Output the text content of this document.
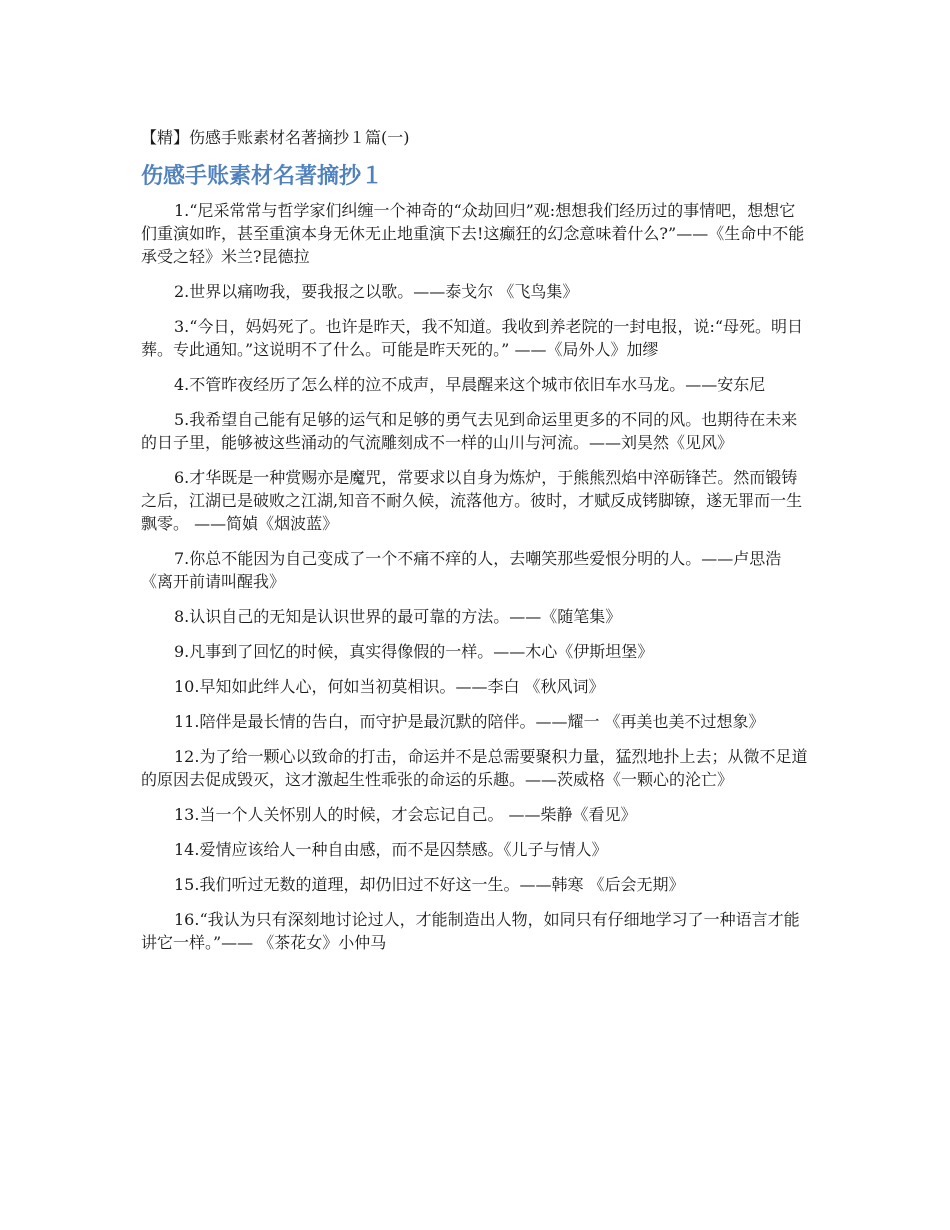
【精】伤感手账素材名著摘抄１篇(一)
伤感手账素材名著摘抄１

1.“尼采常常与哲学家们纠缠一个神奇的“众劫回归”观:想想我们经历过的事情吧，想想它们重演如昨，甚至重演本身无休无止地重演下去!这癫狂的幻念意味着什么?”——《生命中不能承受之轻》米兰?昆德拉

2.世界以痛吻我，要我报之以歌。——泰戈尔 《飞鸟集》

3.“今日，妈妈死了。也许是昨天，我不知道。我收到养老院的一封电报，说:“母死。明日葬。专此通知。”这说明不了什么。可能是昨天死的。” ——《局外人》加缪

4.不管昨夜经历了怎么样的泣不成声，早晨醒来这个城市依旧车水马龙。——安东尼

5.我希望自己能有足够的运气和足够的勇气去见到命运里更多的不同的风。也期待在未来的日子里，能够被这些涌动的气流雕刻成不一样的山川与河流。——刘昊然《见风》

6.才华既是一种赏赐亦是魔咒，常要求以自身为炼炉，于熊熊烈焰中淬砺锋芒。然而锻铸之后，江湖已是破败之江湖,知音不耐久候，流落他方。彼时，才赋反成铐脚镣，遂无罪而一生飘零。 ——简媜《烟波蓝》

7.你总不能因为自己变成了一个不痛不痒的人，去嘲笑那些爱恨分明的人。——卢思浩《离开前请叫醒我》

8.认识自己的无知是认识世界的最可靠的方法。——《随笔集》

9.凡事到了回忆的时候，真实得像假的一样。——木心《伊斯坦堡》

10.早知如此绊人心，何如当初莫相识。——李白 《秋风词》

11.陪伴是最长情的告白，而守护是最沉默的陪伴。——耀一 《再美也美不过想象》

12.为了给一颗心以致命的打击，命运并不是总需要聚积力量，猛烈地扑上去；从微不足道的原因去促成毁灭，这才激起生性乖张的命运的乐趣。——茨威格《一颗心的沦亡》

13.当一个人关怀别人的时候，才会忘记自己。 ——柴静《看见》

14.爱情应该给人一种自由感，而不是囚禁感。《儿子与情人》

15.我们听过无数的道理，却仍旧过不好这一生。——韩寒 《后会无期》

16.“我认为只有深刻地讨论过人，才能制造出人物，如同只有仔细地学习了一种语言才能讲它一样。”—— 《茶花女》小仲马
